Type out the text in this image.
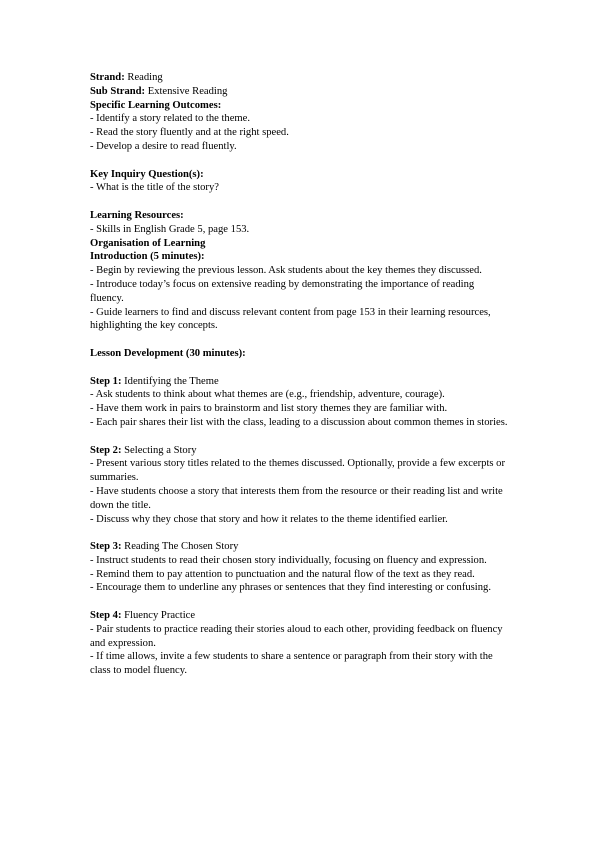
Strand: Reading
Sub Strand: Extensive Reading
Specific Learning Outcomes:
- Identify a story related to the theme.
- Read the story fluently and at the right speed.
- Develop a desire to read fluently.
Key Inquiry Question(s):
- What is the title of the story?
Learning Resources:
- Skills in English Grade 5, page 153.
Organisation of Learning
Introduction (5 minutes):
- Begin by reviewing the previous lesson. Ask students about the key themes they discussed.
- Introduce today’s focus on extensive reading by demonstrating the importance of reading fluency.
- Guide learners to find and discuss relevant content from page 153 in their learning resources, highlighting the key concepts.
Lesson Development (30 minutes):
Step 1: Identifying the Theme
- Ask students to think about what themes are (e.g., friendship, adventure, courage).
- Have them work in pairs to brainstorm and list story themes they are familiar with.
- Each pair shares their list with the class, leading to a discussion about common themes in stories.
Step 2: Selecting a Story
- Present various story titles related to the themes discussed. Optionally, provide a few excerpts or summaries.
- Have students choose a story that interests them from the resource or their reading list and write down the title.
- Discuss why they chose that story and how it relates to the theme identified earlier.
Step 3: Reading The Chosen Story
- Instruct students to read their chosen story individually, focusing on fluency and expression.
- Remind them to pay attention to punctuation and the natural flow of the text as they read.
- Encourage them to underline any phrases or sentences that they find interesting or confusing.
Step 4: Fluency Practice
- Pair students to practice reading their stories aloud to each other, providing feedback on fluency and expression.
- If time allows, invite a few students to share a sentence or paragraph from their story with the class to model fluency.
